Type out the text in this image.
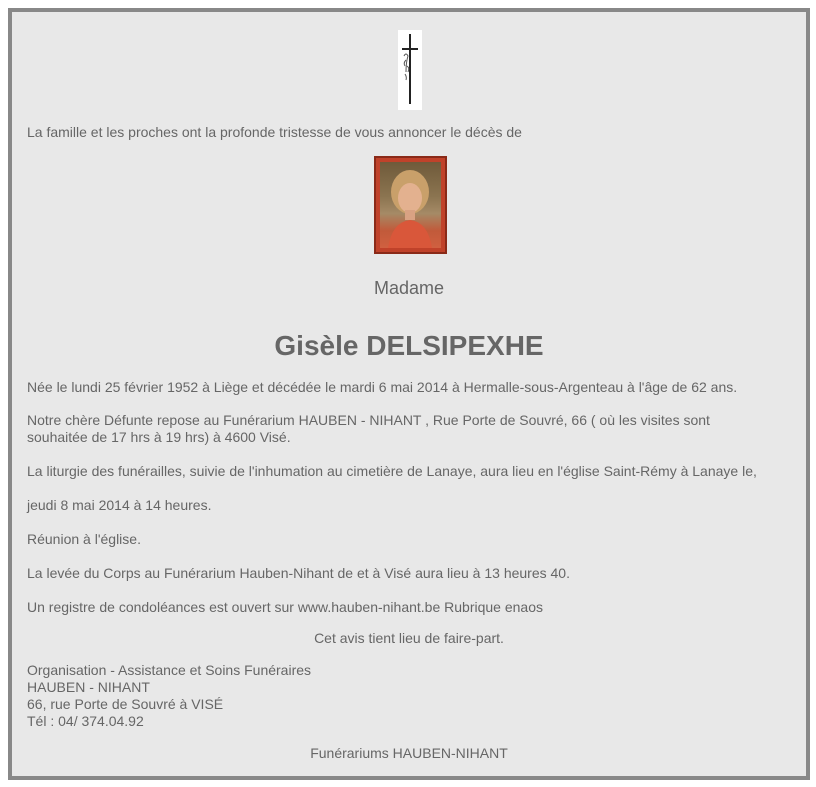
La famille et les proches ont la profonde tristesse de vous annoncer le décès de
Madame
Gisèle DELSIPEXHE
Née le lundi 25 février 1952 à Liège et décédée le mardi 6 mai 2014 à Hermalle-sous-Argenteau à l'âge de 62 ans.
Notre chère Défunte repose au Funérarium HAUBEN - NIHANT , Rue Porte de Souvré, 66 ( où les visites sont souhaitée de 17 hrs à 19 hrs) à 4600 Visé.
La liturgie des funérailles, suivie de l'inhumation au cimetière de Lanaye, aura lieu en l'église Saint-Rémy à Lanaye le,
jeudi 8 mai 2014 à 14 heures.
Réunion à l'église.
La levée du Corps au Funérarium Hauben-Nihant de et à Visé aura lieu à 13 heures 40.
Un registre de condoléances est ouvert sur www.hauben-nihant.be Rubrique enaos
Cet avis tient lieu de faire-part.
Organisation - Assistance et Soins Funéraires
HAUBEN - NIHANT
66, rue Porte de Souvré à VISÉ
Tél : 04/ 374.04.92
Funérariums HAUBEN-NIHANT
